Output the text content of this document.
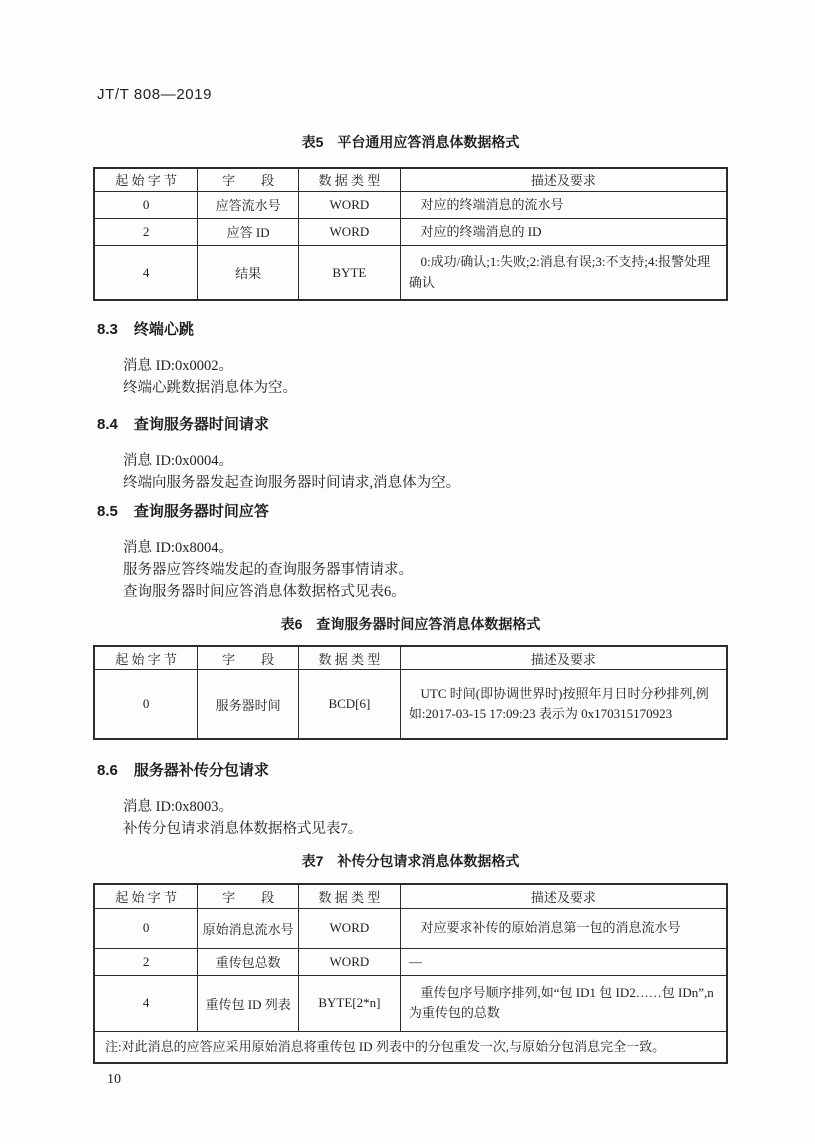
JT/T 808—2019
表5 平台通用应答消息体数据格式
起 始 字 节	字　　段	数 据 类 型	描述及要求
0	应答流水号	WORD	对应的终端消息的流水号
2	应答 ID	WORD	对应的终端消息的 ID
4	结果	BYTE	0:成功/确认;1:失败;2:消息有误;3:不支持;4:报警处理确认
8.3 终端心跳

消息 ID:0x0002。

终端心跳数据消息体为空。

8.4 查询服务器时间请求

消息 ID:0x0004。

终端向服务器发起查询服务器时间请求,消息体为空。

8.5 查询服务器时间应答

消息 ID:0x8004。

服务器应答终端发起的查询服务器事情请求。

查询服务器时间应答消息体数据格式见表6。

表6 查询服务器时间应答消息体数据格式
起 始 字 节	字　　段	数 据 类 型	描述及要求
0	服务器时间	BCD[6]	UTC 时间(即协调世界时)按照年月日时分秒排列,例如:2017-03-15 17:09:23 表示为 0x170315170923
8.6 服务器补传分包请求

消息 ID:0x8003。

补传分包请求消息体数据格式见表7。

表7 补传分包请求消息体数据格式
起 始 字 节	字　　段	数 据 类 型	描述及要求
0	原始消息流水号	WORD	对应要求补传的原始消息第一包的消息流水号
2	重传包总数	WORD	—
4	重传包 ID 列表	BYTE[2*n]	重传包序号顺序排列,如“包 ID1 包 ID2……包 IDn”,n 为重传包的总数
注:对此消息的应答应采用原始消息将重传包 ID 列表中的分包重发一次,与原始分包消息完全一致。			
10
